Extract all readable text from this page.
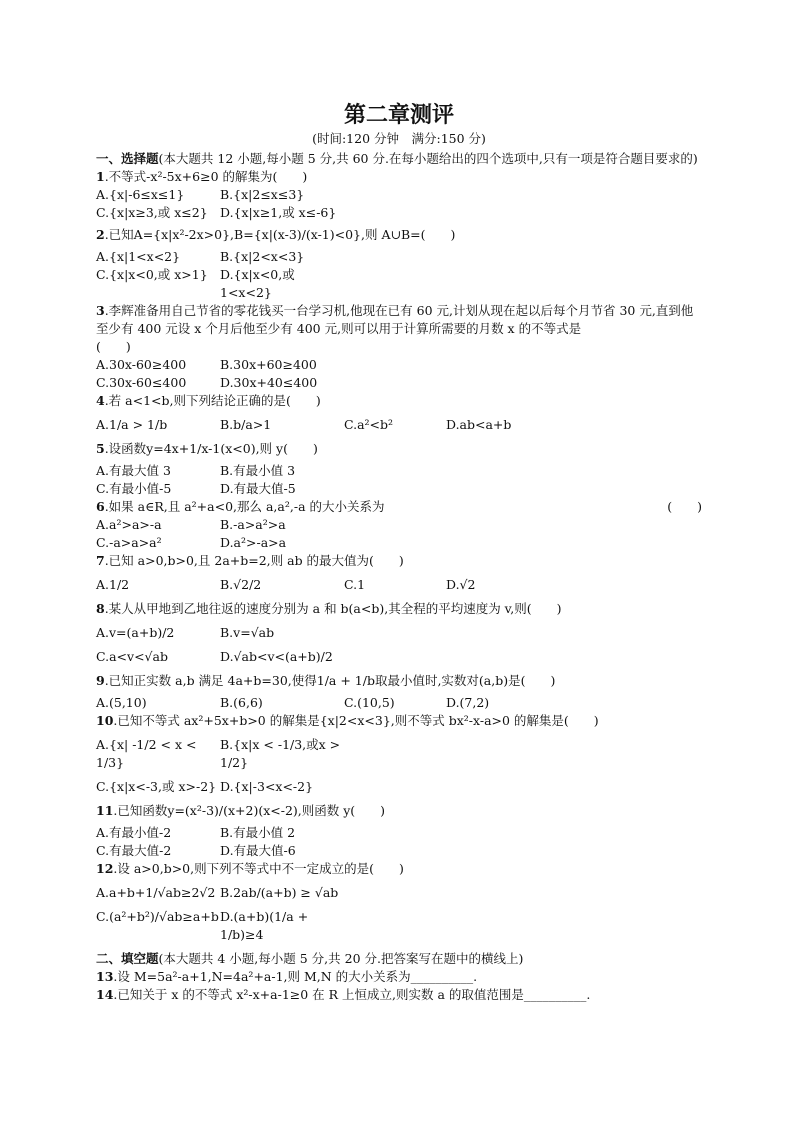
第二章测评
(时间:120 分钟　满分:150 分)
一、选择题(本大题共 12 小题,每小题 5 分,共 60 分.在每小题给出的四个选项中,只有一项是符合题目要求的)
1.不等式-x²-5x+6≥0 的解集为(　　)
A.{x|-6≤x≤1}	B.{x|2≤x≤3}
C.{x|x≥3,或 x≤2} D.{x|x≥1,或 x≤-6}
2.已知A={x|x²-2x>0},B={x|(x-3)/(x-1)<0},则 A∪B=(　　)
A.{x|1<x<2}	B.{x|2<x<3}
C.{x|x<0,或 x>1} D.{x|x<0,或 1<x<2}
3.李辉准备用自己节省的零花钱买一台学习机,他现在已有 60 元,计划从现在起以后每个月节省 30 元,直到他至少有 400 元设 x 个月后他至少有 400 元,则可以用于计算所需要的月数 x 的不等式是
(　　)
A.30x-60≥400	B.30x+60≥400
C.30x-60≤400	D.30x+40≤400
4.若 a<1<b,则下列结论正确的是(　　)
A.1/a > 1/b	B.b/a>1	C.a²<b²	D.ab<a+b
5.设函数y=4x+1/x-1(x<0),则 y(　　)
A.有最大值 3	B.有最小值 3
C.有最小值-5	D.有最大值-5
6 .如果 a∈R,且 a²+a<0,那么 a,a²,-a 的大小关系为	(　　)
A.a²>a>-a	B.-a>a²>a
C.-a>a>a²	D.a²>-a>a
7.已知 a>0,b>0,且 2a+b=2,则 ab 的最大值为(　　)
A.1/2	B.√2/2	C.1	D.√2
8.某人从甲地到乙地往返的速度分别为 a 和 b(a<b),其全程的平均速度为 v,则(　　)
A.v=(a+b)/2	B.v=√ab
C.a<v<√ab	D.√ab<v<(a+b)/2
9.已知正实数 a,b 满足 4a+b=30,使得1/a + 1/b取最小值时,实数对(a,b)是(　　)
A.(5,10)	B.(6,6)	C.(10,5)	D.(7,2)
10.已知不等式 ax²+5x+b>0 的解集是{x|2<x<3},则不等式 bx²-x-a>0 的解集是(　　)
A.{x| -1/2 < x < 1/3}
B.{x|x < -1/3,或x > 1/2}
C.{x|x<-3,或 x>-2} D.{x|-3<x<-2}
11.已知函数y=(x²-3)/(x+2)(x<-2),则函数 y(　　)
A.有最小值-2	B.有最小值 2
C.有最大值-2	D.有最大值-6
12.设 a>0,b>0,则下列不等式中不一定成立的是(　　)
A.a+b+1/√ab≥2√2 B.2ab/(a+b) ≥ √ab
C.(a²+b²)/√ab≥a+b D.(a+b)(1/a + 1/b)≥4
二、填空题(本大题共 4 小题,每小题 5 分,共 20 分.把答案写在题中的横线上)
13.设 M=5a²-a+1,N=4a²+a-1,则 M,N 的大小关系为__________.
14.已知关于 x 的不等式 x²-x+a-1≥0 在 R 上恒成立,则实数 a 的取值范围是__________.
